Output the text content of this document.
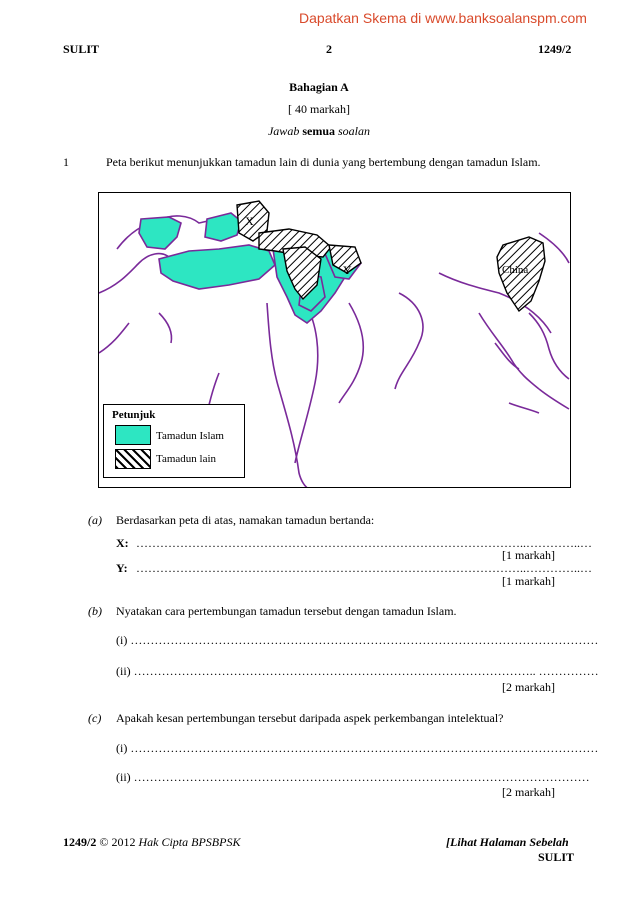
Dapatkan Skema di www.banksoalanspm.com
SULIT	2	1249/2
Bahagian A
[ 40 markah]
Jawab semua soalan
1	Peta berikut menunjukkan tamadun lain di dunia yang bertembung dengan tamadun Islam.
X
Y	China
Petunjuk
Tamadun Islam
Tamadun lain
(a) Berdasarkan peta di atas, namakan tamadun bertanda:
X: ……………………………………………………………………………………..…………..…
[1 markah]
Y: ……………………………………………………………………………………..…………..…
[1 markah]
(b) Nyatakan cara pertembungan tamadun tersebut dengan tamadun Islam.
(i) ………………………………………………………………………………………………………
(ii) ……………………………………………………………………………………….. ……………
[2 markah]
(c) Apakah kesan pertembungan tersebut daripada aspek perkembangan intelektual?
(i) ………………………………………………………………………………………………………
(ii) ……………………………………………………………………………………………………
[2 markah]
1249/2 © 2012 Hak Cipta BPSBPSK	[Lihat Halaman Sebelah
SULIT
